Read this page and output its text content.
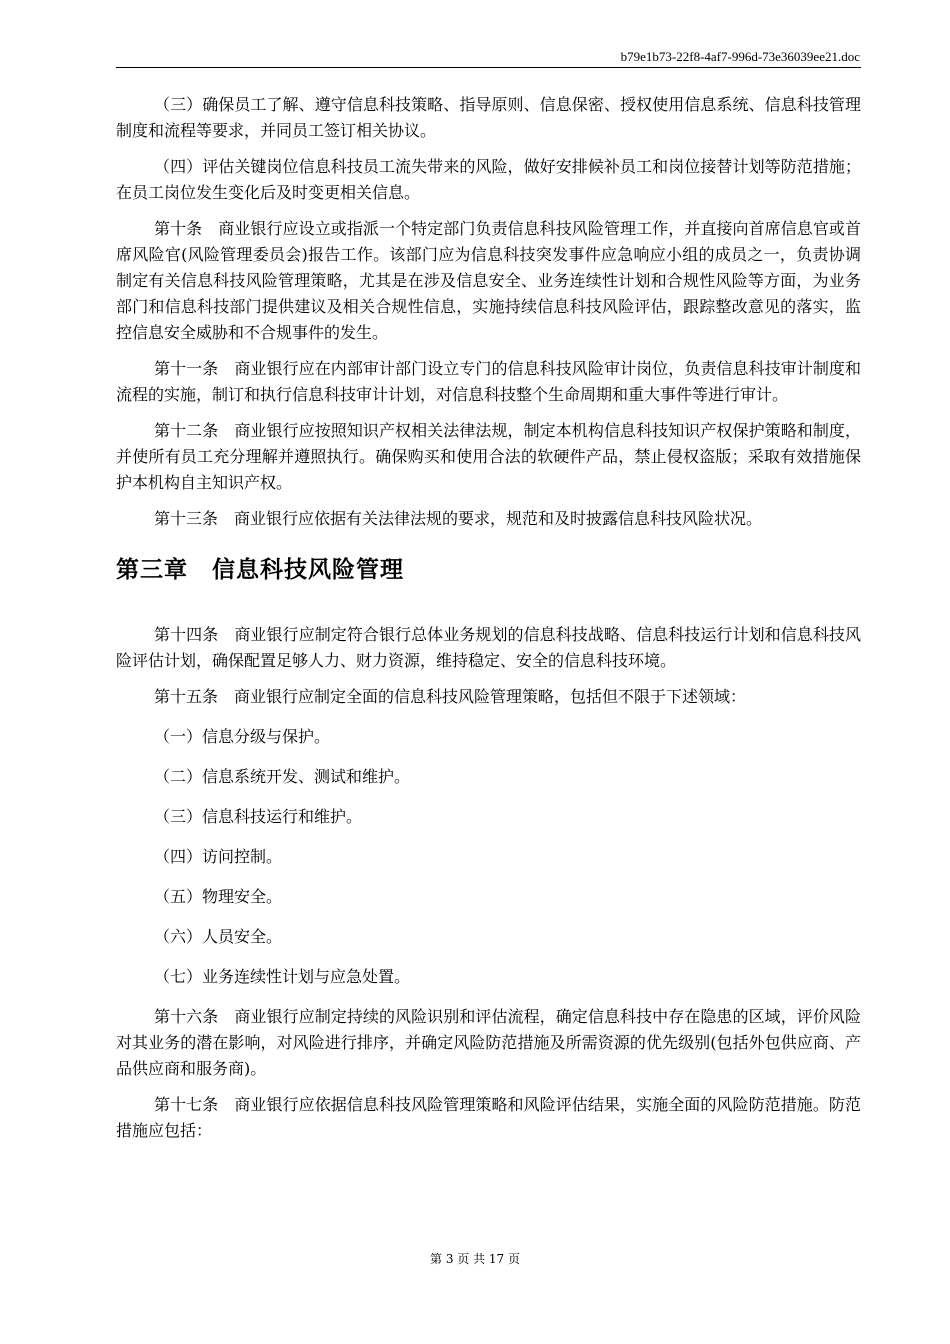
b79e1b73-22f8-4af7-996d-73e36039ee21.doc

（三）确保员工了解、遵守信息科技策略、指导原则、信息保密、授权使用信息系统、信息科技管理制度和流程等要求，并同员工签订相关协议。

（四）评估关键岗位信息科技员工流失带来的风险，做好安排候补员工和岗位接替计划等防范措施；在员工岗位发生变化后及时变更相关信息。

第十条　商业银行应设立或指派一个特定部门负责信息科技风险管理工作，并直接向首席信息官或首席风险官(风险管理委员会)报告工作。该部门应为信息科技突发事件应急响应小组的成员之一，负责协调制定有关信息科技风险管理策略，尤其是在涉及信息安全、业务连续性计划和合规性风险等方面，为业务部门和信息科技部门提供建议及相关合规性信息，实施持续信息科技风险评估，跟踪整改意见的落实，监控信息安全威胁和不合规事件的发生。

第十一条　商业银行应在内部审计部门设立专门的信息科技风险审计岗位，负责信息科技审计制度和流程的实施，制订和执行信息科技审计计划，对信息科技整个生命周期和重大事件等进行审计。

第十二条　商业银行应按照知识产权相关法律法规，制定本机构信息科技知识产权保护策略和制度，并使所有员工充分理解并遵照执行。确保购买和使用合法的软硬件产品，禁止侵权盗版；采取有效措施保护本机构自主知识产权。

第十三条　商业银行应依据有关法律法规的要求，规范和及时披露信息科技风险状况。

第三章　信息科技风险管理

第十四条　商业银行应制定符合银行总体业务规划的信息科技战略、信息科技运行计划和信息科技风险评估计划，确保配置足够人力、财力资源，维持稳定、安全的信息科技环境。

第十五条　商业银行应制定全面的信息科技风险管理策略，包括但不限于下述领域：

（一）信息分级与保护。

（二）信息系统开发、测试和维护。

（三）信息科技运行和维护。

（四）访问控制。

（五）物理安全。

（六）人员安全。

（七）业务连续性计划与应急处置。

第十六条　商业银行应制定持续的风险识别和评估流程，确定信息科技中存在隐患的区域，评价风险对其业务的潜在影响，对风险进行排序，并确定风险防范措施及所需资源的优先级别(包括外包供应商、产品供应商和服务商)。

第十七条　商业银行应依据信息科技风险管理策略和风险评估结果，实施全面的风险防范措施。防范措施应包括：

第 3 页 共 17 页
